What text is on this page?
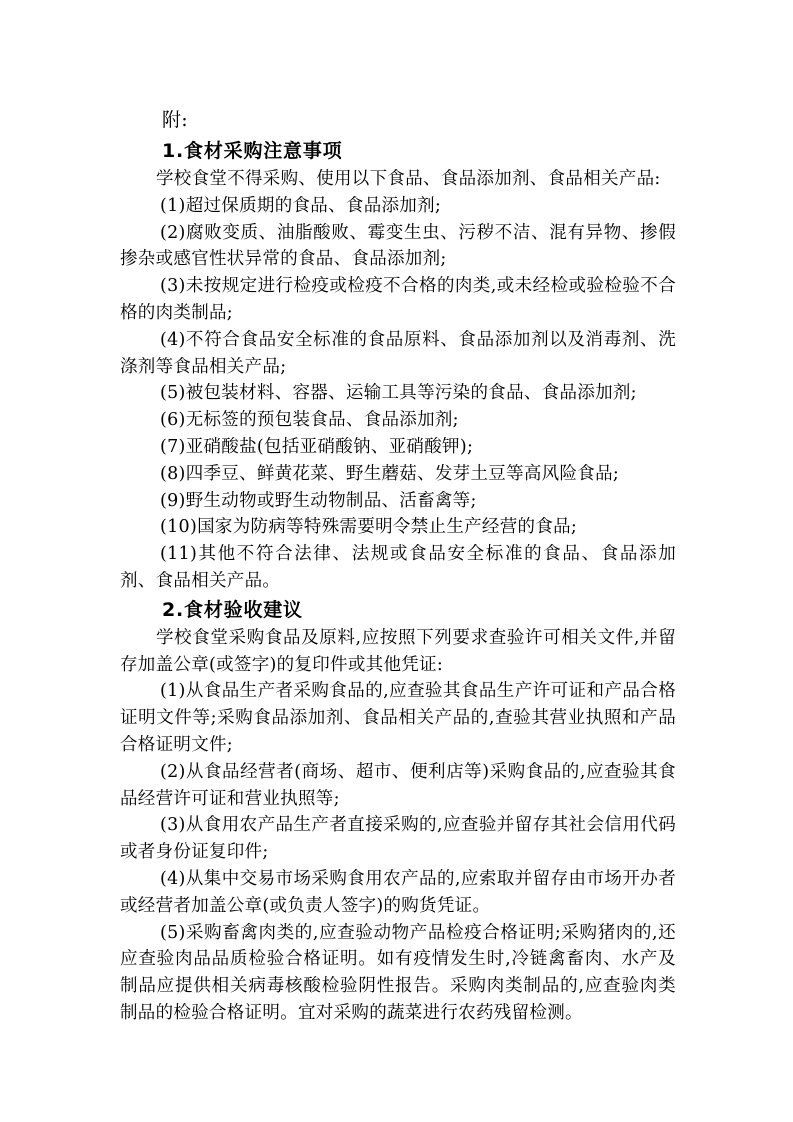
附:

1.食材采购注意事项

学校食堂不得采购、使用以下食品、食品添加剂、食品相关产品:

(1)超过保质期的食品、食品添加剂;

(2)腐败变质、油脂酸败、霉变生虫、污秽不洁、混有异物、掺假掺杂或感官性状异常的食品、食品添加剂;

(3)未按规定进行检疫或检疫不合格的肉类,或未经检或验检验不合格的肉类制品;

(4)不符合食品安全标准的食品原料、食品添加剂以及消毒剂、洗涤剂等食品相关产品;

(5)被包装材料、容器、运输工具等污染的食品、食品添加剂;

(6)无标签的预包装食品、食品添加剂;

(7)亚硝酸盐(包括亚硝酸钠、亚硝酸钾);

(8)四季豆、鲜黄花菜、野生蘑菇、发芽土豆等高风险食品;

(9)野生动物或野生动物制品、活畜禽等;

(10)国家为防病等特殊需要明令禁止生产经营的食品;

(11)其他不符合法律、法规或食品安全标准的食品、食品添加剂、食品相关产品。

2.食材验收建议

学校食堂采购食品及原料,应按照下列要求查验许可相关文件,并留存加盖公章(或签字)的复印件或其他凭证:

(1)从食品生产者采购食品的,应查验其食品生产许可证和产品合格证明文件等;采购食品添加剂、食品相关产品的,查验其营业执照和产品合格证明文件;

(2)从食品经营者(商场、超市、便利店等)采购食品的,应查验其食品经营许可证和营业执照等;

(3)从食用农产品生产者直接采购的,应查验并留存其社会信用代码或者身份证复印件;

(4)从集中交易市场采购食用农产品的,应索取并留存由市场开办者或经营者加盖公章(或负责人签字)的购货凭证。

(5)采购畜禽肉类的,应查验动物产品检疫合格证明;采购猪肉的,还应查验肉品品质检验合格证明。如有疫情发生时,冷链禽畜肉、水产及制品应提供相关病毒核酸检验阴性报告。采购肉类制品的,应查验肉类制品的检验合格证明。宜对采购的蔬菜进行农药残留检测。
